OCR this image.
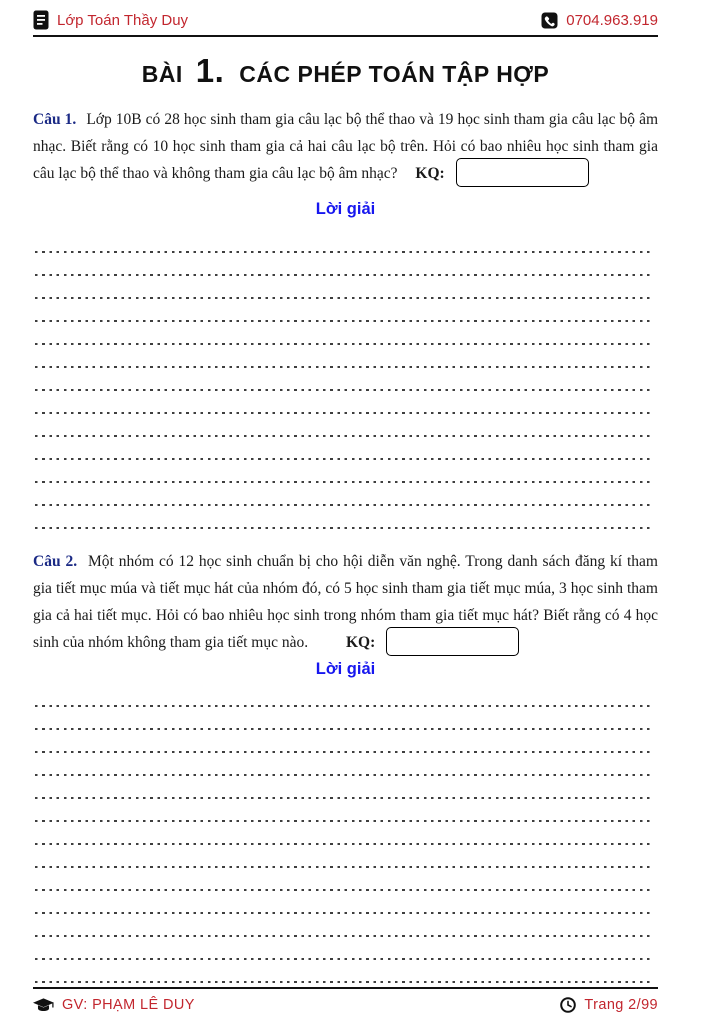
Lớp Toán Thầy Duy	0704.963.919
BÀI 1. CÁC PHÉP TOÁN TẬP HỢP

Câu 1. Lớp 10B có 28 học sinh tham gia câu lạc bộ thể thao và 19 học sinh tham gia câu lạc bộ âm nhạc. Biết rằng có 10 học sinh tham gia cả hai câu lạc bộ trên. Hỏi có bao nhiêu học sinh tham gia câu lạc bộ thể thao và không tham gia câu lạc bộ âm nhạc? KQ:

Lời giải

Câu 2. Một nhóm có 12 học sinh chuẩn bị cho hội diễn văn nghệ. Trong danh sách đăng kí tham gia tiết mục múa và tiết mục hát của nhóm đó, có 5 học sinh tham gia tiết mục múa, 3 học sinh tham gia cả hai tiết mục. Hỏi có bao nhiêu học sinh trong nhóm tham gia tiết mục hát? Biết rằng có 4 học sinh của nhóm không tham gia tiết mục nào. KQ:

Lời giải
GV: PHẠM LÊ DUY	Trang 2/99
